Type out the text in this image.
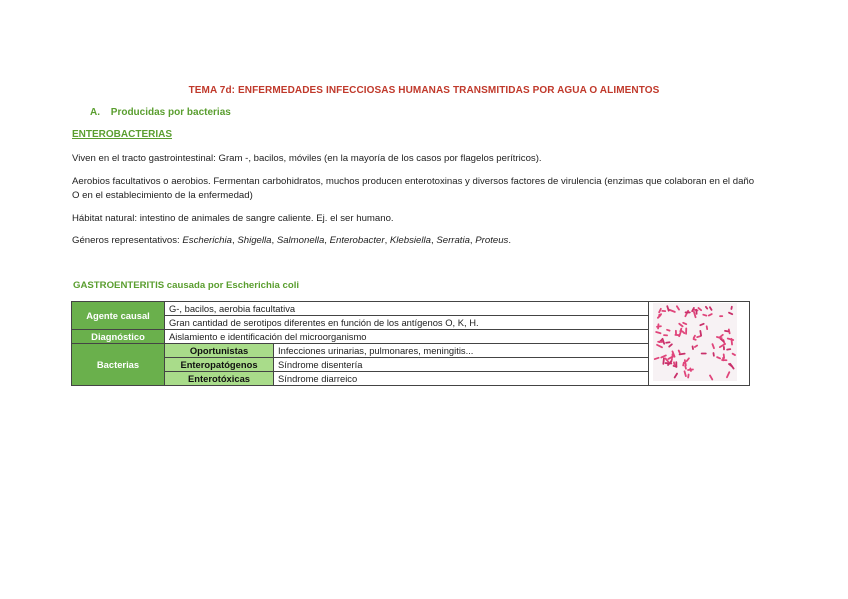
TEMA 7d: ENFERMEDADES INFECCIOSAS HUMANAS TRANSMITIDAS POR AGUA O ALIMENTOS
A. Producidas por bacterias
ENTEROBACTERIAS
Viven en el tracto gastrointestinal: Gram -, bacilos, móviles (en la mayoría de los casos por flagelos perítricos).
Aerobios facultativos o aerobios. Fermentan carbohidratos, muchos producen enterotoxinas y diversos factores de virulencia (enzimas que colaboran en el daño O en el establecimiento de la enfermedad)
Hábitat natural: intestino de animales de sangre caliente. Ej. el ser humano.
Géneros representativos: Escherichia, Shigella, Salmonella, Enterobacter, Klebsiella, Serratia, Proteus.
GASTROENTERITIS causada por Escherichia coli
Agente causal	G-, bacilos, aerobia facultativa	
	Gran cantidad de serotipos diferentes en función de los antígenos O, K, H.		
Diagnóstico	Aislamiento e identificación del microorganismo		
Bacterias	Oportunistas	Infecciones urinarias, pulmonares, meningitis...	
	Enteropatógenos	Síndrome disentería	
	Enterotóxicas	Síndrome diarreico	
